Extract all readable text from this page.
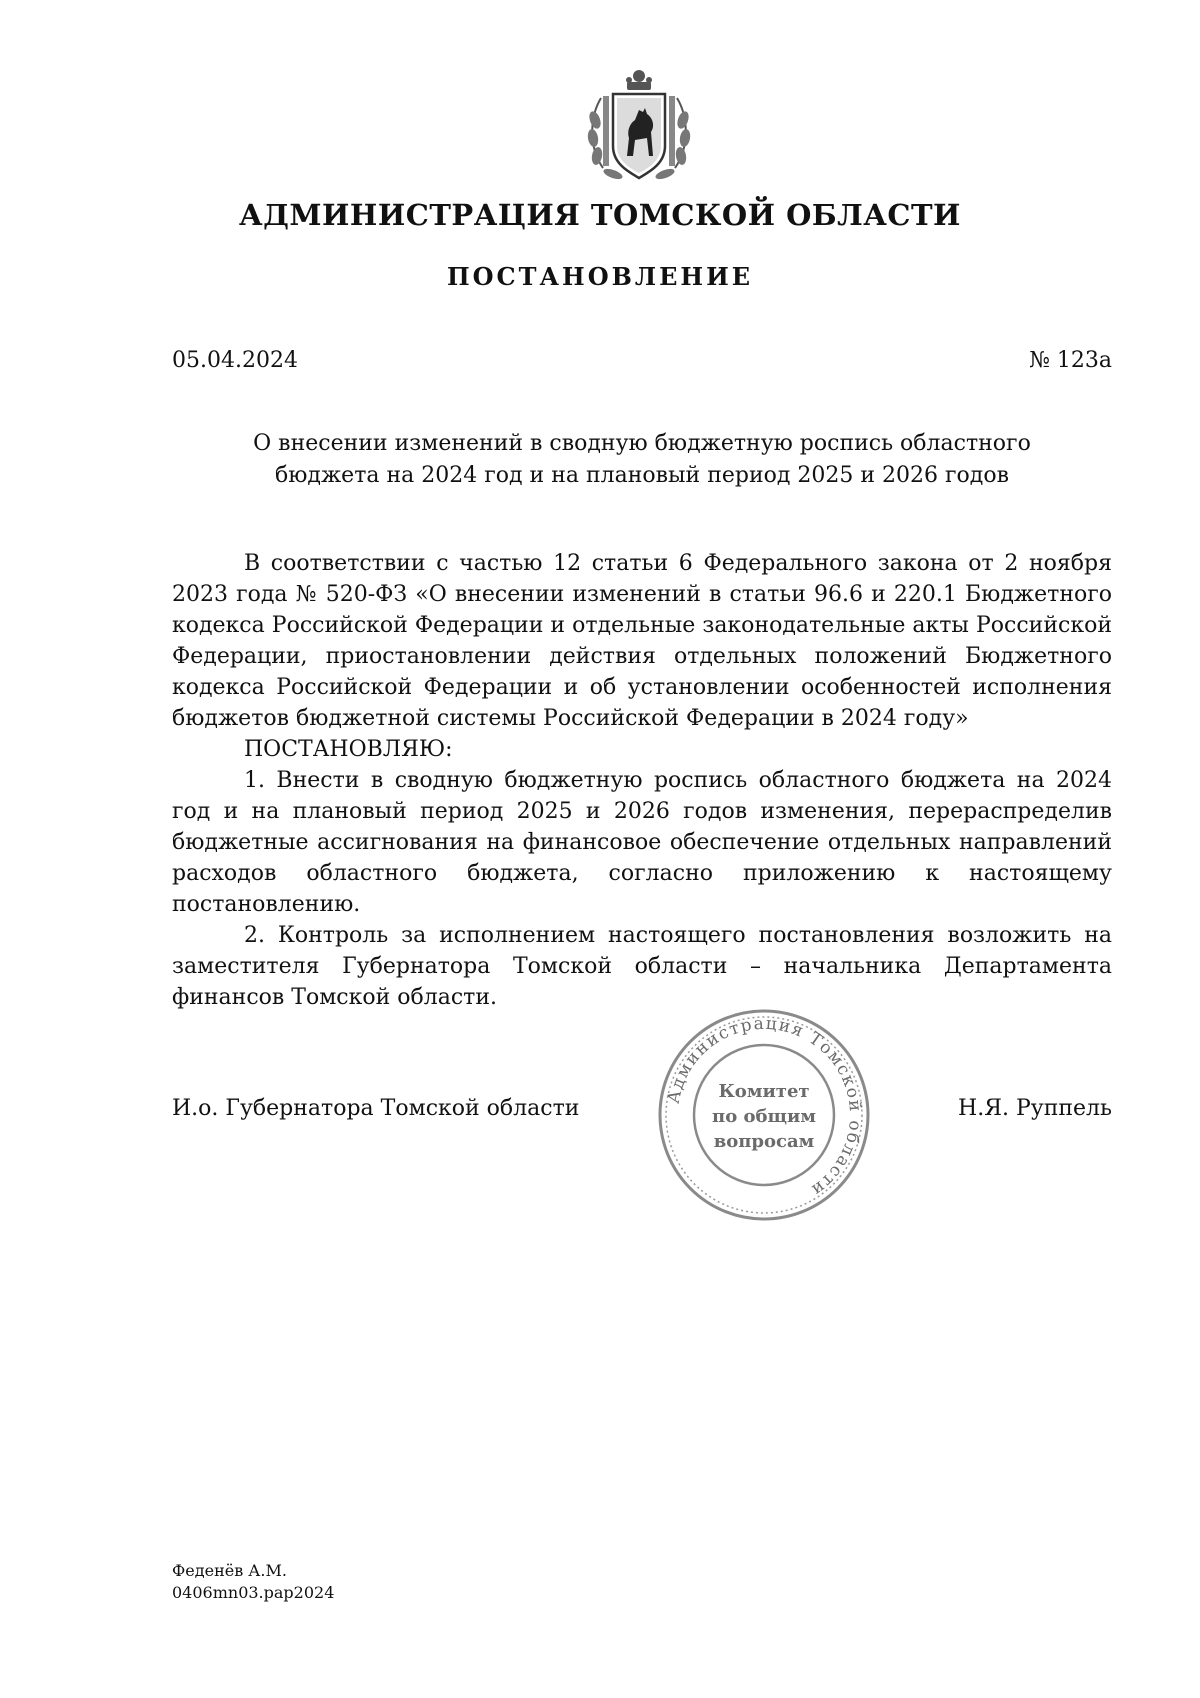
АДМИНИСТРАЦИЯ ТОМСКОЙ ОБЛАСТИ
ПОСТАНОВЛЕНИЕ
05.04.2024	№ 123а
О внесении изменений в сводную бюджетную роспись областного
бюджета на 2024 год и на плановый период 2025 и 2026 годов

В соответствии с частью 12 статьи 6 Федерального закона от 2 ноября 2023 года № 520-ФЗ «О внесении изменений в статьи 96.6 и 220.1 Бюджетного кодекса Российской Федерации и отдельные законодательные акты Российской Федерации, приостановлении действия отдельных положений Бюджетного кодекса Российской Федерации и об установлении особенностей исполнения бюджетов бюджетной системы Российской Федерации в 2024 году»

ПОСТАНОВЛЯЮ:

1. Внести в сводную бюджетную роспись областного бюджета на 2024 год и на плановый период 2025 и 2026 годов изменения, перераспределив бюджетные ассигнования на финансовое обеспечение отдельных направлений расходов областного бюджета, согласно приложению к настоящему постановлению.

2. Контроль за исполнением настоящего постановления возложить на заместителя Губернатора Томской области – начальника Департамента финансов Томской области.

И.о. Губернатора Томской области	Н.Я. Руппель
Администрация Томской области
Комитет
по общим
вопросам
Феденёв А.М.
0406mn03.pap2024
